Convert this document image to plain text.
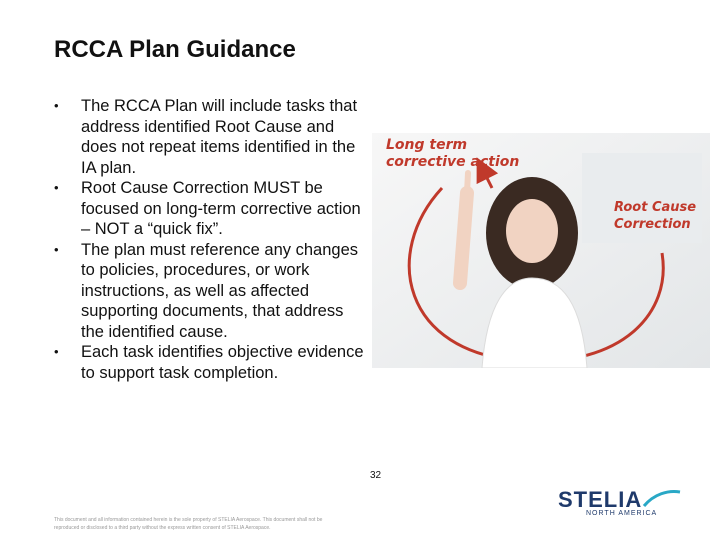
RCCA Plan Guidance
• The RCCA Plan will include tasks that address identified Root Cause and does not repeat items identified in the IA plan.
• Root Cause Correction MUST be focused on long-term corrective action – NOT a “quick fix”.
• The plan must reference any changes to policies, procedures, or work instructions, as well as affected supporting documents, that address the identified cause.
• Each task identifies objective evidence to support task completion.
Long term
corrective action
Root Cause
Correction
32
This document and all information contained herein is the sole property of STELIA Aerospace. This document shall not be
reproduced or disclosed to a third party without the express written consent of STELIA Aerospace.
STELIA
NORTH AMERICA
